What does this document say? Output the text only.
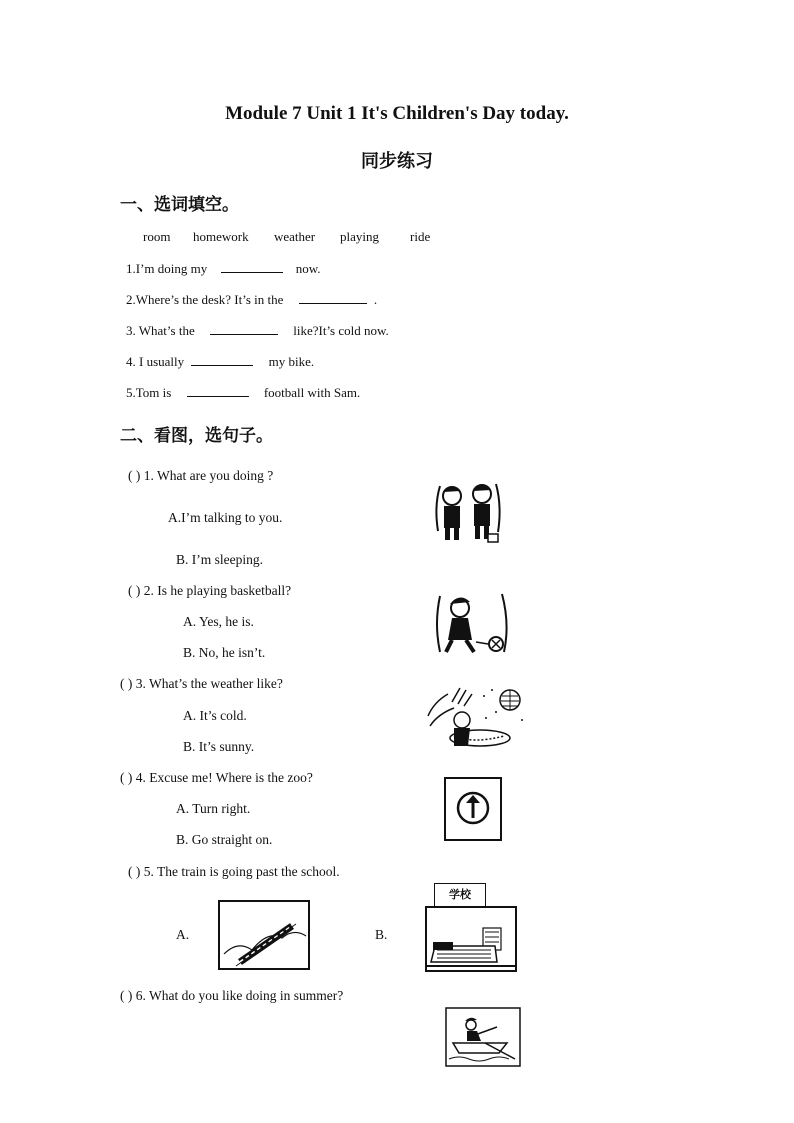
Module 7 Unit 1 It's Children's Day today.
同步练习
一、选词填空。
room homework weather playing ride
1.I’m doing my	now.
2.Where’s the desk? It’s in the	.
3. What’s the	like?It’s cold now.
4. I usually	my bike.
5.Tom is	football with Sam.
二、看图，选句子。
( ) 1. What are you doing ?
A.I’m talking to you.
B. I’m sleeping.
( ) 2. Is he playing basketball?
A. Yes, he is.
B. No, he isn’t.
( ) 3. What’s the weather like?
A. It’s cold.
B. It’s sunny.
( ) 4. Excuse me! Where is the zoo?
A. Turn right.
B. Go straight on.
( ) 5. The train is going past the school.
A.	B.
学校
( ) 6. What do you like doing in summer?
